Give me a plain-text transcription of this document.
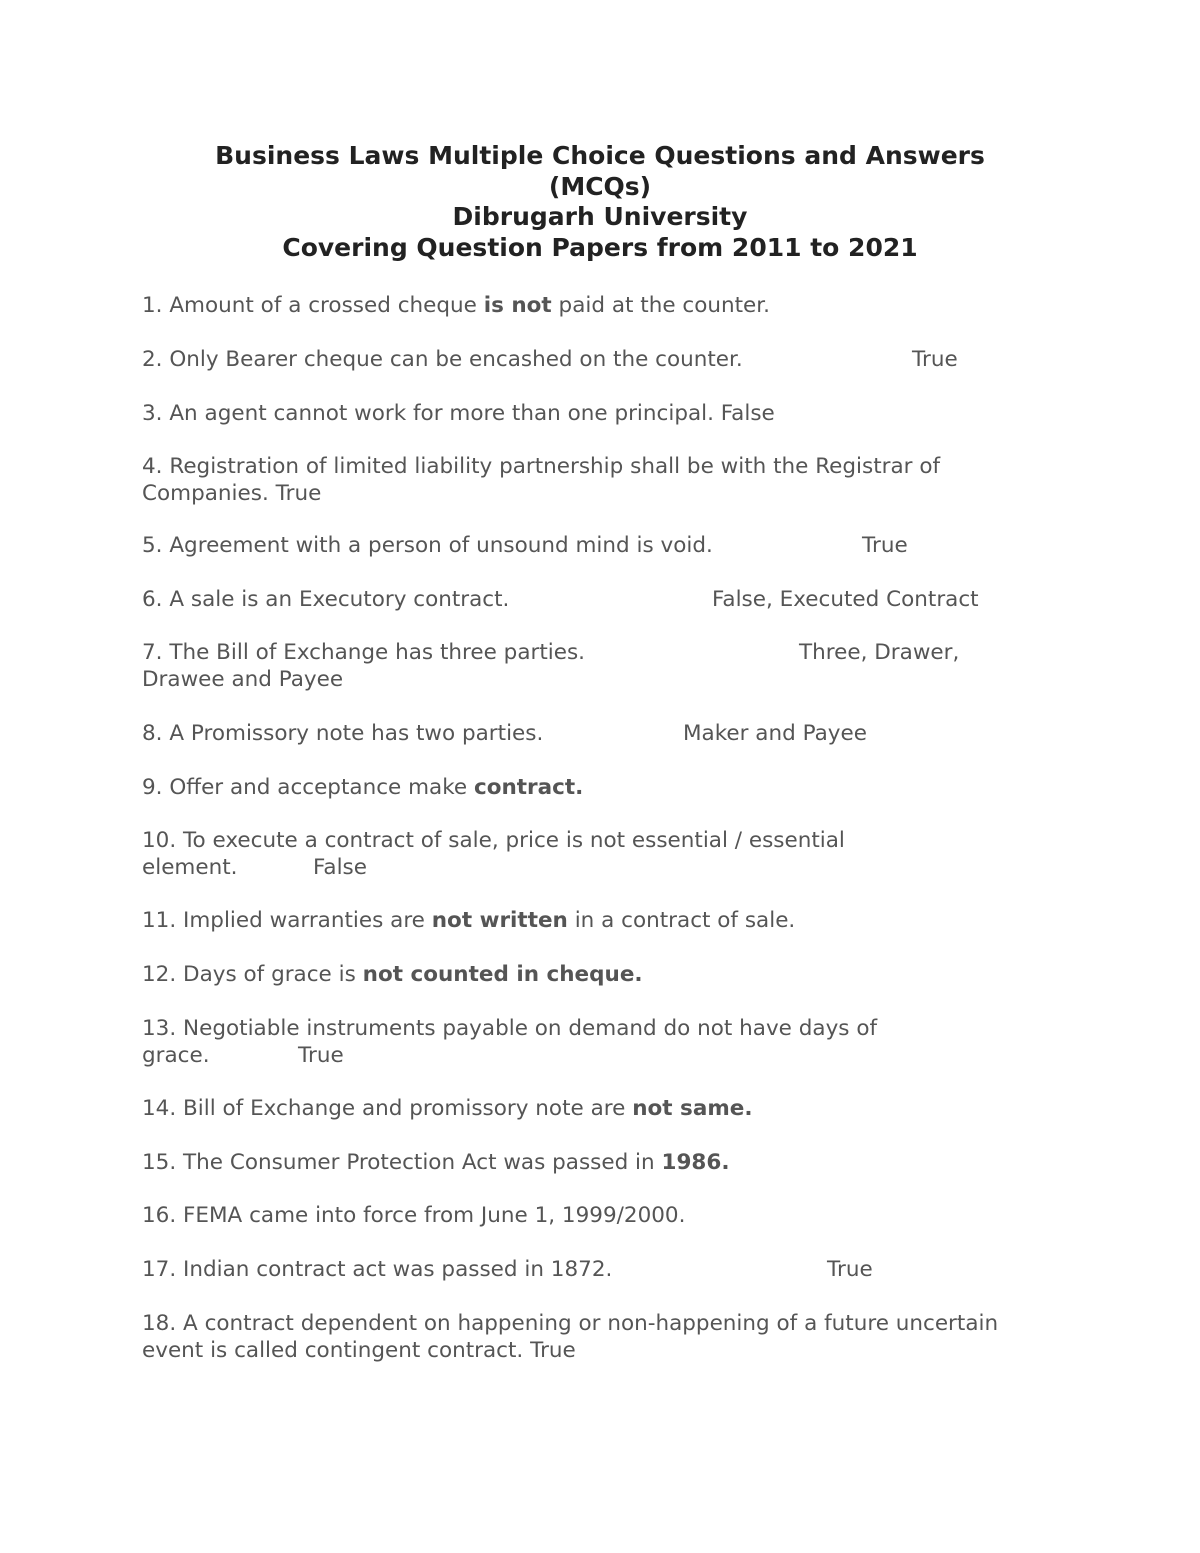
Business Laws Multiple Choice Questions and Answers
(MCQs)
Dibrugarh University
Covering Question Papers from 2011 to 2021
1. Amount of a crossed cheque is not paid at the counter.
2. Only Bearer cheque can be encashed on the counter.	True
3. An agent cannot work for more than one principal. False
4. Registration of limited liability partnership shall be with the Registrar of
Companies. True
5. Agreement with a person of unsound mind is void.	True
6. A sale is an Executory contract.	False, Executed Contract
7. The Bill of Exchange has three parties.	Three, Drawer,
Drawee and Payee
8. A Promissory note has two parties.	Maker and Payee
9. Offer and acceptance make contract.
10. To execute a contract of sale, price is not essential / essential
element.	False
11. Implied warranties are not written in a contract of sale.
12. Days of grace is not counted in cheque.
13. Negotiable instruments payable on demand do not have days of
grace.	True
14. Bill of Exchange and promissory note are not same.
15. The Consumer Protection Act was passed in 1986.
16. FEMA came into force from June 1, 1999/2000.
17. Indian contract act was passed in 1872.	True
18. A contract dependent on happening or non-happening of a future uncertain
event is called contingent contract. True
